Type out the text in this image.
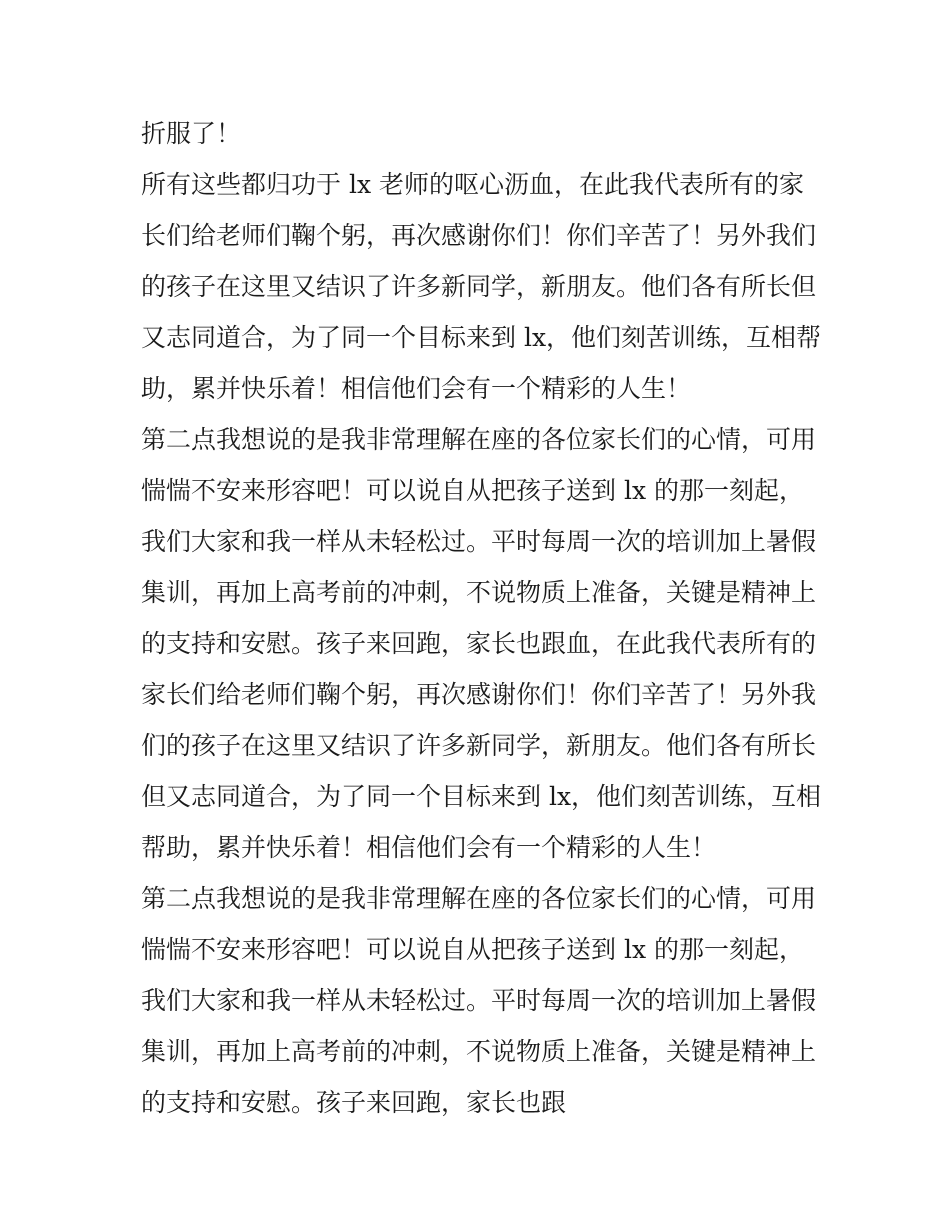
折服了！
所有这些都归功于 lx 老师的呕心沥血，在此我代表所有的家
长们给老师们鞠个躬，再次感谢你们！你们辛苦了！另外我们
的孩子在这里又结识了许多新同学，新朋友。他们各有所长但
又志同道合，为了同一个目标来到 lx，他们刻苦训练，互相帮
助，累并快乐着！相信他们会有一个精彩的人生！
第二点我想说的是我非常理解在座的各位家长们的心情，可用
惴惴不安来形容吧！可以说自从把孩子送到 lx 的那一刻起，
我们大家和我一样从未轻松过。平时每周一次的培训加上暑假
集训，再加上高考前的冲刺，不说物质上准备，关键是精神上
的支持和安慰。孩子来回跑，家长也跟血，在此我代表所有的
家长们给老师们鞠个躬，再次感谢你们！你们辛苦了！另外我
们的孩子在这里又结识了许多新同学，新朋友。他们各有所长
但又志同道合，为了同一个目标来到 lx，他们刻苦训练，互相
帮助，累并快乐着！相信他们会有一个精彩的人生！
第二点我想说的是我非常理解在座的各位家长们的心情，可用
惴惴不安来形容吧！可以说自从把孩子送到 lx 的那一刻起，
我们大家和我一样从未轻松过。平时每周一次的培训加上暑假
集训，再加上高考前的冲刺，不说物质上准备，关键是精神上
的支持和安慰。孩子来回跑，家长也跟
